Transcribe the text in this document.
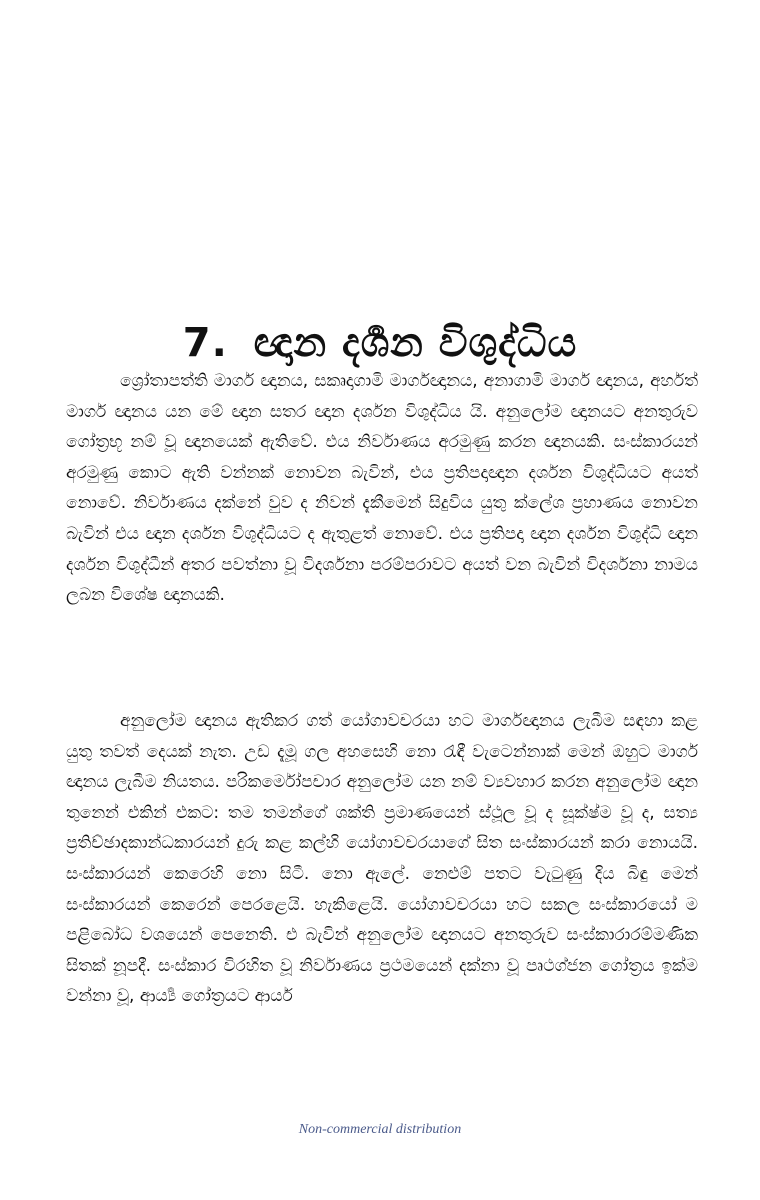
7. ඥාන දර්‍ශන විශුද්ධිය

ශ්‍රෝතාපත්ති මාර්ග ඥානය, සකෘදාගාමි මාර්ගඥානය, අනාගාමි මාර්ග ඥානය, අර්හත් මාර්ග ඥානය යන මේ ඥාන සතර ඥාන දර්ශන විශුද්ධිය යි. අනුලෝම ඥානයට අනතුරුව ගෝත්‍රභූ නම් වූ ඥානයෙක් ඇතිවේ. එය නිර්වාණය අරමුණු කරන ඥානයකි. සංස්කාරයන් අරමුණු කොට ඇති වන්නක් නොවන බැවින්, එය ප්‍රතිපදාඥාන දර්ශන විශුද්ධියට අයත් නොවේ. නිර්වාණය දක්නේ වුව ද නිවන් දැකීමෙන් සිදුවිය යුතු ක්ලේශ ප්‍රහාණය නොවන බැවින් එය ඥාන දර්ශන විශුද්ධියට ද ඇතුළත් නොවේ. එය ප්‍රතිපදා ඥාන දර්ශන විශුද්ධි ඥාන දර්ශන විශුද්ධීන් අතර පවත්නා වූ විදර්ශනා පරම්පරාවට අයත් වන බැවින් විදර්ශනා නාමය ලබන විශේෂ ඥානයකි.

අනුලෝම ඥානය ඇතිකර ගත් යෝගාවචරයා හට මාර්ගඥානය ලැබීම සඳහා කළ යුතු තවත් දෙයක් නැත. උඩ දැමූ ගල අහසෙහි නො රැඳී වැටෙන්නාක් මෙන් ඔහුට මාර්ග ඥානය ලැබීම නියතය. පරිකර්මෝපචාර අනුලෝම යන නම් ව්‍යවහාර කරන අනුලෝම ඥාන තුනෙන් එකින් එකට: තම තමන්ගේ ශක්ති ප්‍රමාණයෙන් ස්ථූල වූ ද සූක්ෂ්ම වූ ද, සත්‍ය ප්‍රතිච්ඡාදකාන්ධකාරයන් දුරු කළ කල්හි යෝගාවචරයාගේ සිත සංස්කාරයන් කරා නොයයි. සංස්කාරයන් කෙරෙහි නො සිටී. නො ඇලේ. නෙළුම් පතට වැටුණු දිය බිඳු මෙන් සංස්කාරයන් කෙරෙන් පෙරළෙයි. හැකිළෙයි. යෝගාවචරයා හට සකල සංස්කාරයෝ ම පළිබෝධ වශයෙන් පෙනෙති. එ බැවින් අනුලෝම ඥානයට අනතුරුව සංස්කාරාරම්මණික සිතක් නූපදී. සංස්කාර විරහිත වූ නිර්වාණය ප්‍රථමයෙන් දක්නා වූ පෘථග්ජන ගෝත්‍රය ඉක්ම වන්නා වූ, ආර්‍ය්‍ය ගෝත්‍රයට ආර්ය

Non-commercial distribution
